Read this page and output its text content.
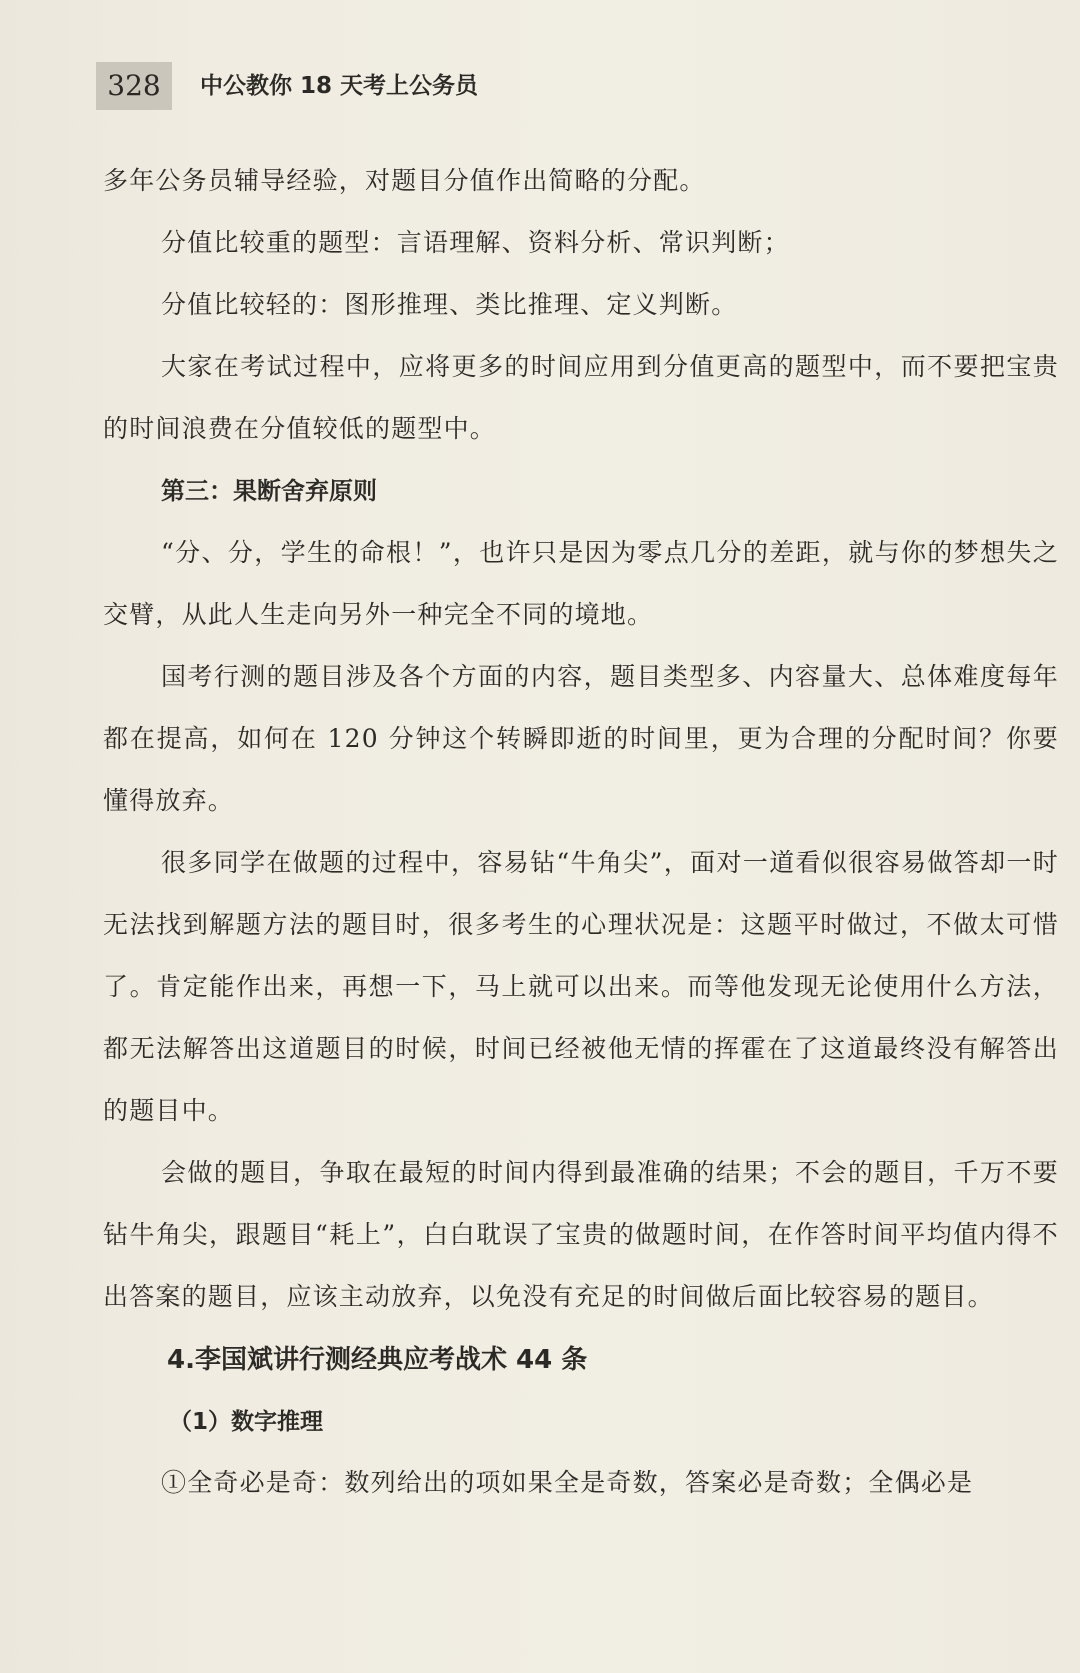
328	中公教你 18 天考上公务员

多年公务员辅导经验，对题目分值作出简略的分配。

分值比较重的题型：言语理解、资料分析、常识判断；

分值比较轻的：图形推理、类比推理、定义判断。

大家在考试过程中，应将更多的时间应用到分值更高的题型中，而不要把宝贵的时间浪费在分值较低的题型中。

第三：果断舍弃原则

“分、分，学生的命根！”，也许只是因为零点几分的差距，就与你的梦想失之交臂，从此人生走向另外一种完全不同的境地。

国考行测的题目涉及各个方面的内容，题目类型多、内容量大、总体难度每年都在提高，如何在 120 分钟这个转瞬即逝的时间里，更为合理的分配时间？你要懂得放弃。

很多同学在做题的过程中，容易钻“牛角尖”，面对一道看似很容易做答却一时无法找到解题方法的题目时，很多考生的心理状况是：这题平时做过，不做太可惜了。肯定能作出来，再想一下，马上就可以出来。而等他发现无论使用什么方法，都无法解答出这道题目的时候，时间已经被他无情的挥霍在了这道最终没有解答出的题目中。

会做的题目，争取在最短的时间内得到最准确的结果；不会的题目，千万不要钻牛角尖，跟题目“耗上”，白白耽误了宝贵的做题时间，在作答时间平均值内得不出答案的题目，应该主动放弃，以免没有充足的时间做后面比较容易的题目。

4.李国斌讲行测经典应考战术 44 条

（1）数字推理

①全奇必是奇：数列给出的项如果全是奇数，答案必是奇数；全偶必是
